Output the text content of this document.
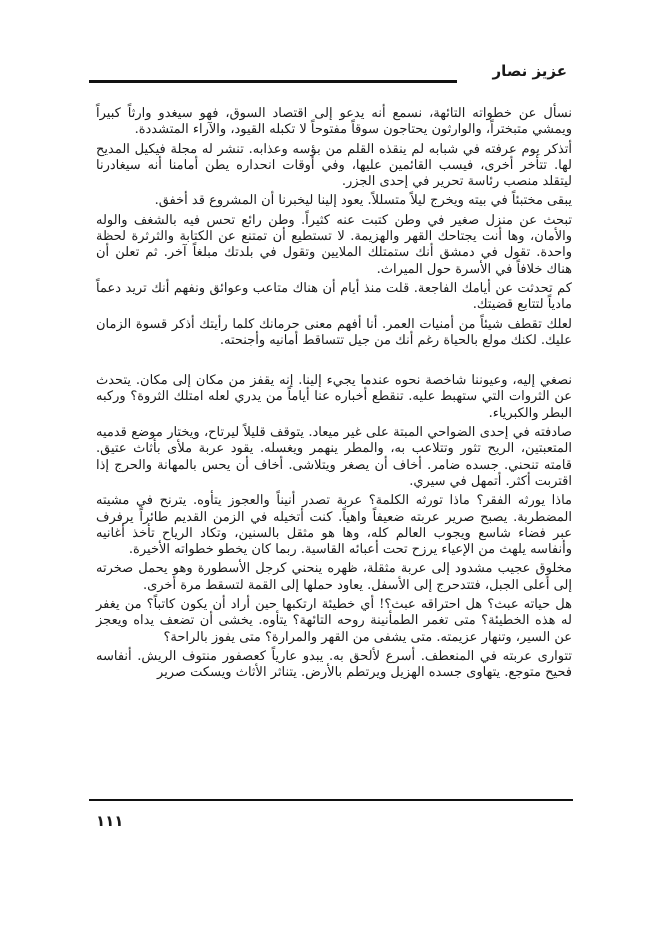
عزيز نصار

نسأل عن خطواته التائهة، نسمع أنه يدعو إلى اقتصاد السوق، فهو سيغدو وارثاً كبيراً ويمشي متبختراً، والوارثون يحتاجون سوقاً مفتوحاً لا تكبله القيود، والآراء المتشددة.

أتذكر يوم عرفته في شبابه لم ينقذه القلم من بؤسه وعذابه. تنشر له مجلة فيكيل المديح لها. تتأخر أخرى، فيسب القائمين عليها، وفي أوقات انحداره يطن أمامنا أنه سيغادرنا ليتقلد منصب رئاسة تحرير في إحدى الجزر.

يبقى مختبئاً في بيته ويخرج ليلاً متسللاً. يعود إلينا ليخبرنا أن المشروع قد أخفق.

تبحث عن منزل صغير في وطن كتبت عنه كثيراً. وطن رائع تحس فيه بالشغف والوله والأمان، وها أنت يجتاحك القهر والهزيمة. لا تستطيع أن تمتنع عن الكتابة والثرثرة لحظة واحدة. تقول في دمشق أنك ستمتلك الملايين وتقول في بلدتك مبلغاً آخر. ثم تعلن أن هناك خلافاً في الأسرة حول الميراث.

كم تحدثت عن أيامك الفاجعة. قلت منذ أيام أن هناك متاعب وعوائق ونفهم أنك تريد دعماً مادياً لتتابع قضيتك.

لعلك تقطف شيئاً من أمنيات العمر. أنا أفهم معنى حرمانك كلما رأيتك أذكر قسوة الزمان عليك. لكنك مولع بالحياة رغم أنك من جيل تتساقط أمانيه وأجنحته.

نصغي إليه، وعيوننا شاخصة نحوه عندما يجيء إلينا. إنه يقفز من مكان إلى مكان. يتحدث عن الثروات التي ستهبط عليه. تنقطع أخباره عنا أياماً من يدري لعله امتلك الثروة؟ وركبه البطر والكبرياء.

صادفته في إحدى الضواحي المبتة على غير ميعاد. يتوقف قليلاً ليرتاح، ويختار موضع قدميه المتعبتين، الريح تثور وتتلاعب به، والمطر ينهمر ويغسله. يقود عربة ملأى بأثاث عتيق. قامته تنحني. جسده ضامر. أخاف أن يصغر ويتلاشى. أخاف أن يحس بالمهانة والحرج إذا اقتربت أكثر. أتمهل في سيري.

ماذا يورثه الفقر؟ ماذا تورثه الكلمة؟ عربة تصدر أنيناً والعجوز يتأوه. يترنح في مشيته المضطربة. يصبح صرير عربته ضعيفاً واهياً. كنت أتخيله في الزمن القديم طائراً يرفرف عبر فضاء شاسع ويجوب العالم كله، وها هو مثقل بالسنين، وتكاد الرياح تأخذ أغانيه وأنفاسه يلهث من الإعياء يرزح تحت أعبائه القاسية. ربما كان يخطو خطواته الأخيرة.

مخلوق عجيب مشدود إلى عربة مثقلة، ظهره ينحني كرجل الأسطورة وهو يحمل صخرته إلى أعلى الجبل، فتتدحرج إلى الأسفل. يعاود حملها إلى القمة لتسقط مرة أخرى.

هل حياته عبث؟ هل احتراقه عبث؟! أي خطيئة ارتكبها حين أراد أن يكون كاتباً؟ من يغفر له هذه الخطيئة؟ متى تغمر الطمأنينة روحه التائهة؟ يتأوه. يخشى أن تضعف يداه ويعجز عن السير، وتنهار عزيمته. متى يشفى من القهر والمرارة؟ متى يفوز بالراحة؟

تتوارى عربته في المنعطف. أسرع لألحق به. يبدو عارياً كعصفور منتوف الريش. أنفاسه فحيح متوجع. يتهاوى جسده الهزيل ويرتطم بالأرض. يتناثر الأثاث ويسكت صرير

١١١
